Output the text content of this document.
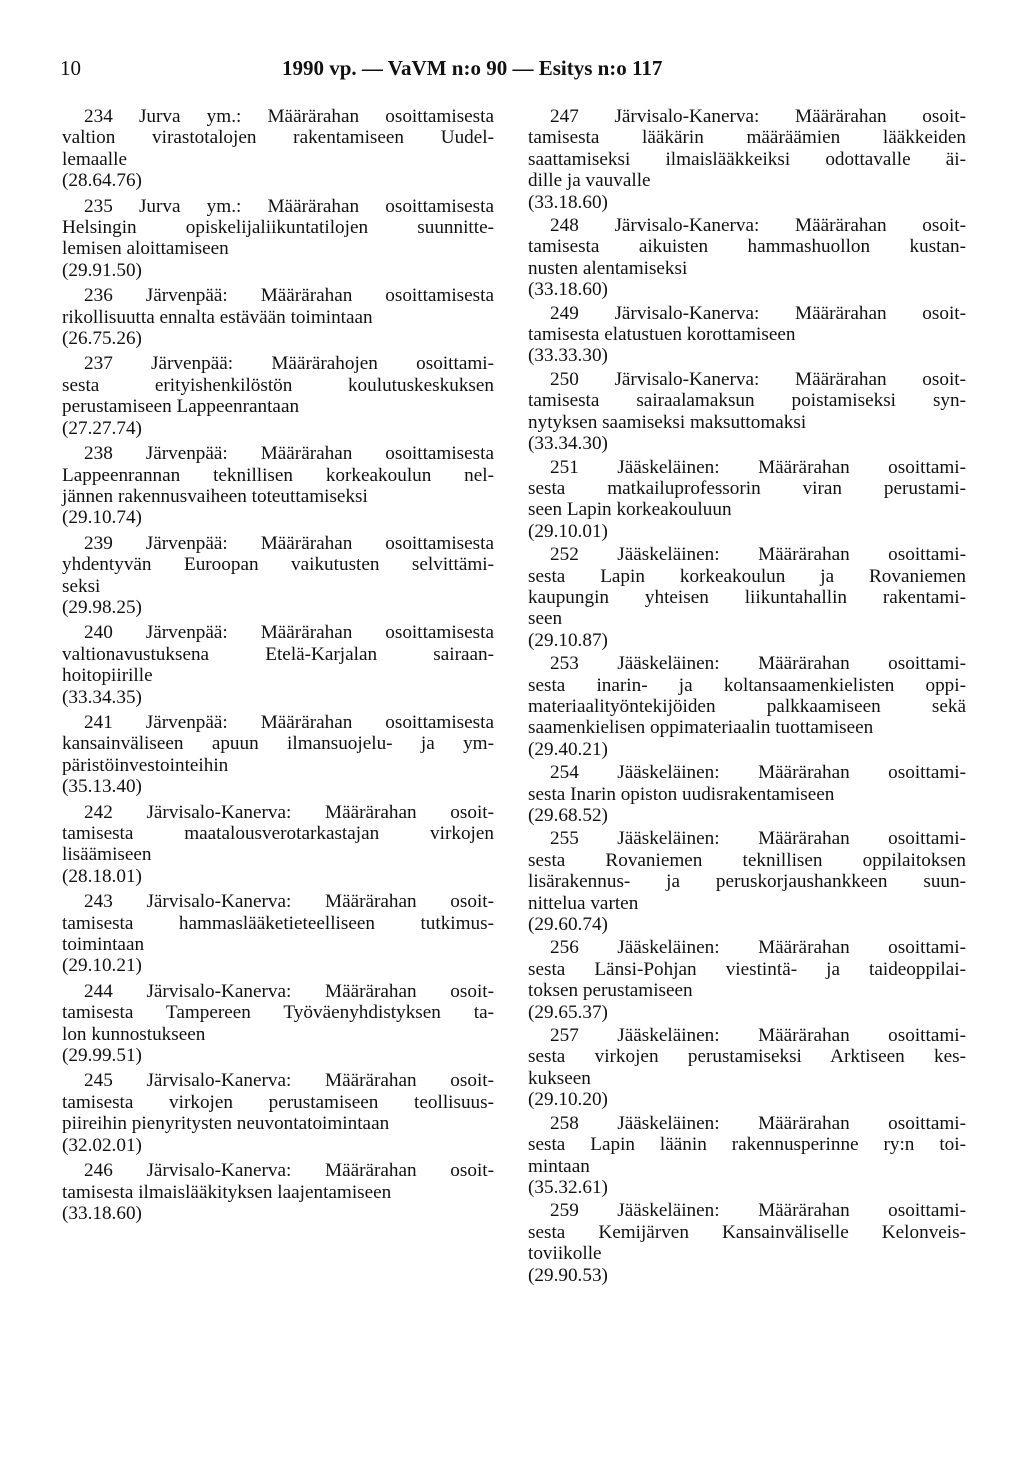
10	1990 vp. — VaVM n:o 90 — Esitys n:o 117
234 Jurva ym.: Määrärahan osoittamisesta
valtion virastotalojen rakentamiseen Uudel-
lemaalle
(28.64.76)
235 Jurva ym.: Määrärahan osoittamisesta
Helsingin opiskelijaliikuntatilojen suunnitte-
lemisen aloittamiseen
(29.91.50)
236 Järvenpää: Määrärahan osoittamisesta
rikollisuutta ennalta estävään toimintaan
(26.75.26)
237 Järvenpää: Määrärahojen osoittami-
sesta erityishenkilöstön koulutuskeskuksen
perustamiseen Lappeenrantaan
(27.27.74)
238 Järvenpää: Määrärahan osoittamisesta
Lappeenrannan teknillisen korkeakoulun nel-
jännen rakennusvaiheen toteuttamiseksi
(29.10.74)
239 Järvenpää: Määrärahan osoittamisesta
yhdentyvän Euroopan vaikutusten selvittämi-
seksi
(29.98.25)
240 Järvenpää: Määrärahan osoittamisesta
valtionavustuksena Etelä-Karjalan sairaan-
hoitopiirille
(33.34.35)
241 Järvenpää: Määrärahan osoittamisesta
kansainväliseen apuun ilmansuojelu- ja ym-
päristöinvestointeihin
(35.13.40)
242 Järvisalo-Kanerva: Määrärahan osoit-
tamisesta maatalousverotarkastajan virkojen
lisäämiseen
(28.18.01)
243 Järvisalo-Kanerva: Määrärahan osoit-
tamisesta hammaslääketieteelliseen tutkimus-
toimintaan
(29.10.21)
244 Järvisalo-Kanerva: Määrärahan osoit-
tamisesta Tampereen Työväenyhdistyksen ta-
lon kunnostukseen
(29.99.51)
245 Järvisalo-Kanerva: Määrärahan osoit-
tamisesta virkojen perustamiseen teollisuus-
piireihin pienyritysten neuvontatoimintaan
(32.02.01)
246 Järvisalo-Kanerva: Määrärahan osoit-
tamisesta ilmaislääkityksen laajentamiseen
(33.18.60)
247 Järvisalo-Kanerva: Määrärahan osoit-
tamisesta lääkärin määräämien lääkkeiden
saattamiseksi ilmaislääkkeiksi odottavalle äi-
dille ja vauvalle
(33.18.60)
248 Järvisalo-Kanerva: Määrärahan osoit-
tamisesta aikuisten hammashuollon kustan-
nusten alentamiseksi
(33.18.60)
249 Järvisalo-Kanerva: Määrärahan osoit-
tamisesta elatustuen korottamiseen
(33.33.30)
250 Järvisalo-Kanerva: Määrärahan osoit-
tamisesta sairaalamaksun poistamiseksi syn-
nytyksen saamiseksi maksuttomaksi
(33.34.30)
251 Jääskeläinen: Määrärahan osoittami-
sesta matkailuprofessorin viran perustami-
seen Lapin korkeakouluun
(29.10.01)
252 Jääskeläinen: Määrärahan osoittami-
sesta Lapin korkeakoulun ja Rovaniemen
kaupungin yhteisen liikuntahallin rakentami-
seen
(29.10.87)
253 Jääskeläinen: Määrärahan osoittami-
sesta inarin- ja koltansaamenkielisten oppi-
materiaalityöntekijöiden palkkaamiseen sekä
saamenkielisen oppimateriaalin tuottamiseen
(29.40.21)
254 Jääskeläinen: Määrärahan osoittami-
sesta Inarin opiston uudisrakentamiseen
(29.68.52)
255 Jääskeläinen: Määrärahan osoittami-
sesta Rovaniemen teknillisen oppilaitoksen
lisärakennus- ja peruskorjaushankkeen suun-
nittelua varten
(29.60.74)
256 Jääskeläinen: Määrärahan osoittami-
sesta Länsi-Pohjan viestintä- ja taideoppilai-
toksen perustamiseen
(29.65.37)
257 Jääskeläinen: Määrärahan osoittami-
sesta virkojen perustamiseksi Arktiseen kes-
kukseen
(29.10.20)
258 Jääskeläinen: Määrärahan osoittami-
sesta Lapin läänin rakennusperinne ry:n toi-
mintaan
(35.32.61)
259 Jääskeläinen: Määrärahan osoittami-
sesta Kemijärven Kansainväliselle Kelonveis-
toviikolle
(29.90.53)
